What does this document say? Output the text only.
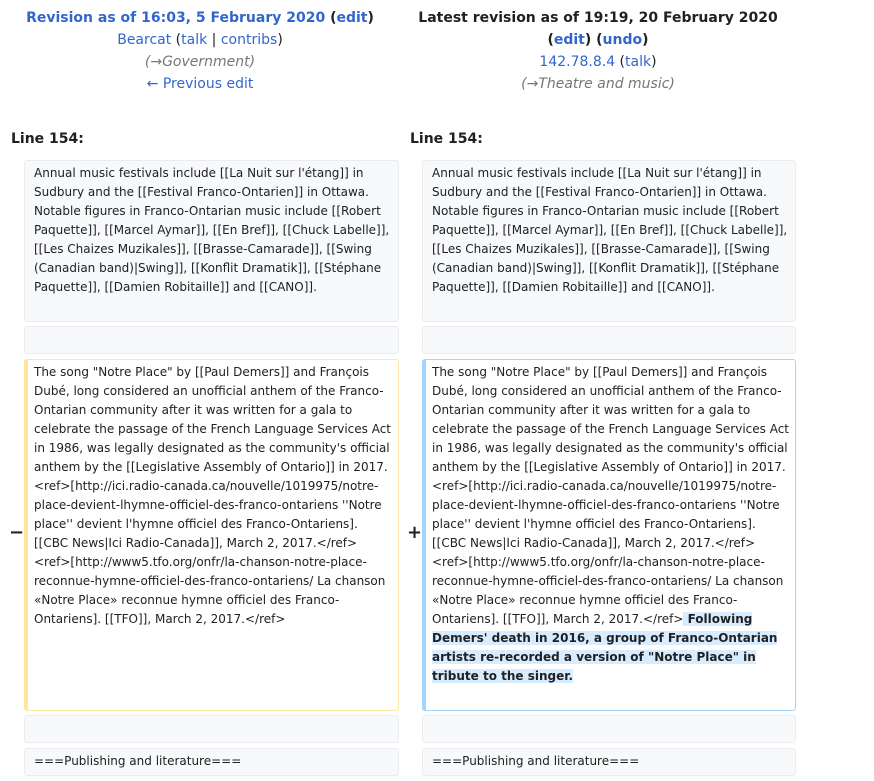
Revision as of 16:03, 5 February 2020 (edit)
Bearcat (talk | contribs)
(→Government)
← Previous edit
Latest revision as of 19:19, 20 February 2020
(edit) (undo)
142.78.8.4 (talk)
(→Theatre and music)
Line 154:	Line 154:
Annual music festivals include [[La Nuit sur l'étang]] in Sudbury and the [[Festival Franco-Ontarien]] in Ottawa. Notable figures in Franco-Ontarian music include [[Robert Paquette]], [[Marcel Aymar]], [[En Bref]], [[Chuck Labelle]], [[Les Chaizes Muzikales]], [[Brasse-Camarade]], [[Swing (Canadian band)|Swing]], [[Konflit Dramatik]], [[Stéphane Paquette]], [[Damien Robitaille]] and [[CANO]].
Annual music festivals include [[La Nuit sur l'étang]] in Sudbury and the [[Festival Franco-Ontarien]] in Ottawa. Notable figures in Franco-Ontarian music include [[Robert Paquette]], [[Marcel Aymar]], [[En Bref]], [[Chuck Labelle]], [[Les Chaizes Muzikales]], [[Brasse-Camarade]], [[Swing (Canadian band)|Swing]], [[Konflit Dramatik]], [[Stéphane Paquette]], [[Damien Robitaille]] and [[CANO]].
−
The song "Notre Place" by [[Paul Demers]] and François Dubé, long considered an unofficial anthem of the Franco-Ontarian community after it was written for a gala to celebrate the passage of the French Language Services Act in 1986, was legally designated as the community's official anthem by the [[Legislative Assembly of Ontario]] in 2017.<ref>[http://ici.radio-canada.ca/nouvelle/1019975/notre-place-devient-lhymne-officiel-des-franco-ontariens ''Notre place'' devient l'hymne officiel des Franco-Ontariens]. [[CBC News|Ici Radio-Canada]], March 2, 2017.</ref><ref>[http://www5.tfo.org/onfr/la-chanson-notre-place-reconnue-hymne-officiel-des-franco-ontariens/ La chanson «Notre Place» reconnue hymne officiel des Franco-Ontariens]. [[TFO]], March 2, 2017.</ref>
+
The song "Notre Place" by [[Paul Demers]] and François Dubé, long considered an unofficial anthem of the Franco-Ontarian community after it was written for a gala to celebrate the passage of the French Language Services Act in 1986, was legally designated as the community's official anthem by the [[Legislative Assembly of Ontario]] in 2017.<ref>[http://ici.radio-canada.ca/nouvelle/1019975/notre-place-devient-lhymne-officiel-des-franco-ontariens ''Notre place'' devient l'hymne officiel des Franco-Ontariens]. [[CBC News|Ici Radio-Canada]], March 2, 2017.</ref><ref>[http://www5.tfo.org/onfr/la-chanson-notre-place-reconnue-hymne-officiel-des-franco-ontariens/ La chanson «Notre Place» reconnue hymne officiel des Franco-Ontariens]. [[TFO]], March 2, 2017.</ref> Following Demers' death in 2016, a group of Franco-Ontarian artists re-recorded a version of "Notre Place" in tribute to the singer.
===Publishing and literature===	===Publishing and literature===
